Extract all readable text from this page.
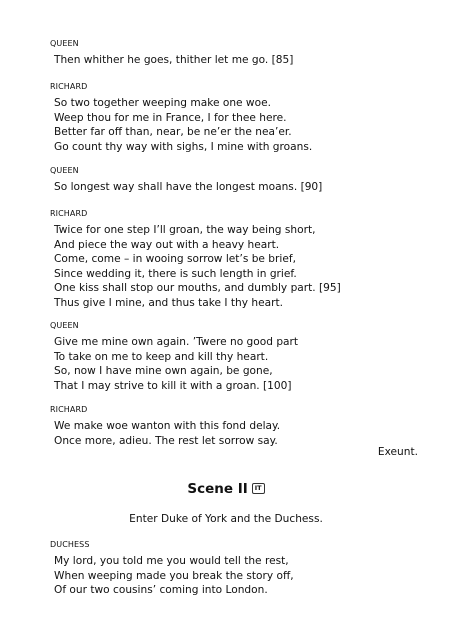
QUEEN
Then whither he goes, thither let me go. [85]
RICHARD
So two together weeping make one woe.
Weep thou for me in France, I for thee here.
Better far off than, near, be ne’er the nea’er.
Go count thy way with sighs, I mine with groans.
QUEEN
So longest way shall have the longest moans. [90]
RICHARD
Twice for one step I’ll groan, the way being short,
And piece the way out with a heavy heart.
Come, come – in wooing sorrow let’s be brief,
Since wedding it, there is such length in grief.
One kiss shall stop our mouths, and dumbly part. [95]
Thus give I mine, and thus take I thy heart.
QUEEN
Give me mine own again. ’Twere no good part
To take on me to keep and kill thy heart.
So, now I have mine own again, be gone,
That I may strive to kill it with a groan. [100]
RICHARD
We make woe wanton with this fond delay.
Once more, adieu. The rest let sorrow say.
Exeunt.
Scene II IT
Enter Duke of York and the Duchess.
DUCHESS
My lord, you told me you would tell the rest,
When weeping made you break the story off,
Of our two cousins’ coming into London.
